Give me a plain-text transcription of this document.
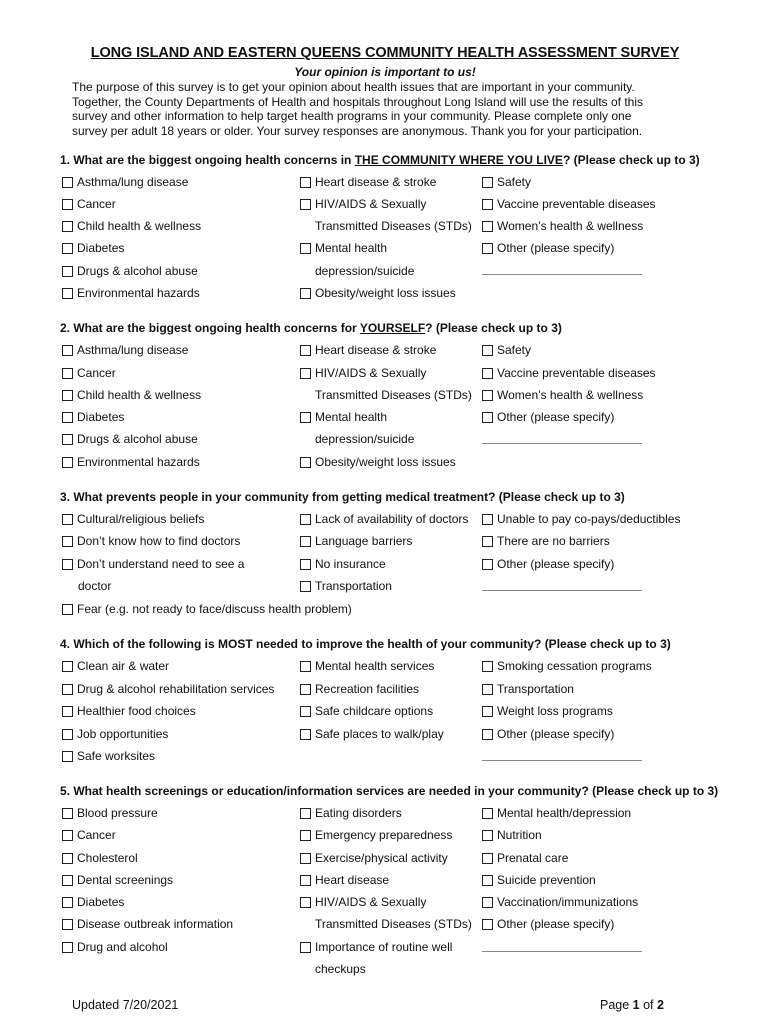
LONG ISLAND AND EASTERN QUEENS COMMUNITY HEALTH ASSESSMENT SURVEY
Your opinion is important to us!
The purpose of this survey is to get your opinion about health issues that are important in your community.
Together, the County Departments of Health and hospitals throughout Long Island will use the results of this
survey and other information to help target health programs in your community. Please complete only one
survey per adult 18 years or older. Your survey responses are anonymous. Thank you for your participation.
1. What are the biggest ongoing health concerns in THE COMMUNITY WHERE YOU LIVE? (Please check up to 3)
Asthma/lung disease
Cancer
Child health & wellness
Diabetes
Drugs & alcohol abuse
Environmental hazards
Heart disease & stroke
HIV/AIDS & Sexually
Transmitted Diseases (STDs)
Mental health
depression/suicide
Obesity/weight loss issues
Safety
Vaccine preventable diseases
Women’s health & wellness
Other (please specify)
2. What are the biggest ongoing health concerns for YOURSELF? (Please check up to 3)
Asthma/lung disease
Cancer
Child health & wellness
Diabetes
Drugs & alcohol abuse
Environmental hazards
Heart disease & stroke
HIV/AIDS & Sexually
Transmitted Diseases (STDs)
Mental health
depression/suicide
Obesity/weight loss issues
Safety
Vaccine preventable diseases
Women’s health & wellness
Other (please specify)
3. What prevents people in your community from getting medical treatment? (Please check up to 3)
Cultural/religious beliefs
Don’t know how to find doctors
Don’t understand need to see a
doctor
Fear (e.g. not ready to face/discuss health problem)
Lack of availability of doctors
Language barriers
No insurance
Transportation
Unable to pay co-pays/deductibles
There are no barriers
Other (please specify)
4. Which of the following is MOST needed to improve the health of your community? (Please check up to 3)
Clean air & water
Drug & alcohol rehabilitation services
Healthier food choices
Job opportunities
Safe worksites
Mental health services
Recreation facilities
Safe childcare options
Safe places to walk/play
Smoking cessation programs
Transportation
Weight loss programs
Other (please specify)
5. What health screenings or education/information services are needed in your community? (Please check up to 3)
Blood pressure
Cancer
Cholesterol
Dental screenings
Diabetes
Disease outbreak information
Drug and alcohol
Eating disorders
Emergency preparedness
Exercise/physical activity
Heart disease
HIV/AIDS & Sexually
Transmitted Diseases (STDs)
Importance of routine well
checkups
Mental health/depression
Nutrition
Prenatal care
Suicide prevention
Vaccination/immunizations
Other (please specify)
Updated 7/20/2021	Page 1 of 2
